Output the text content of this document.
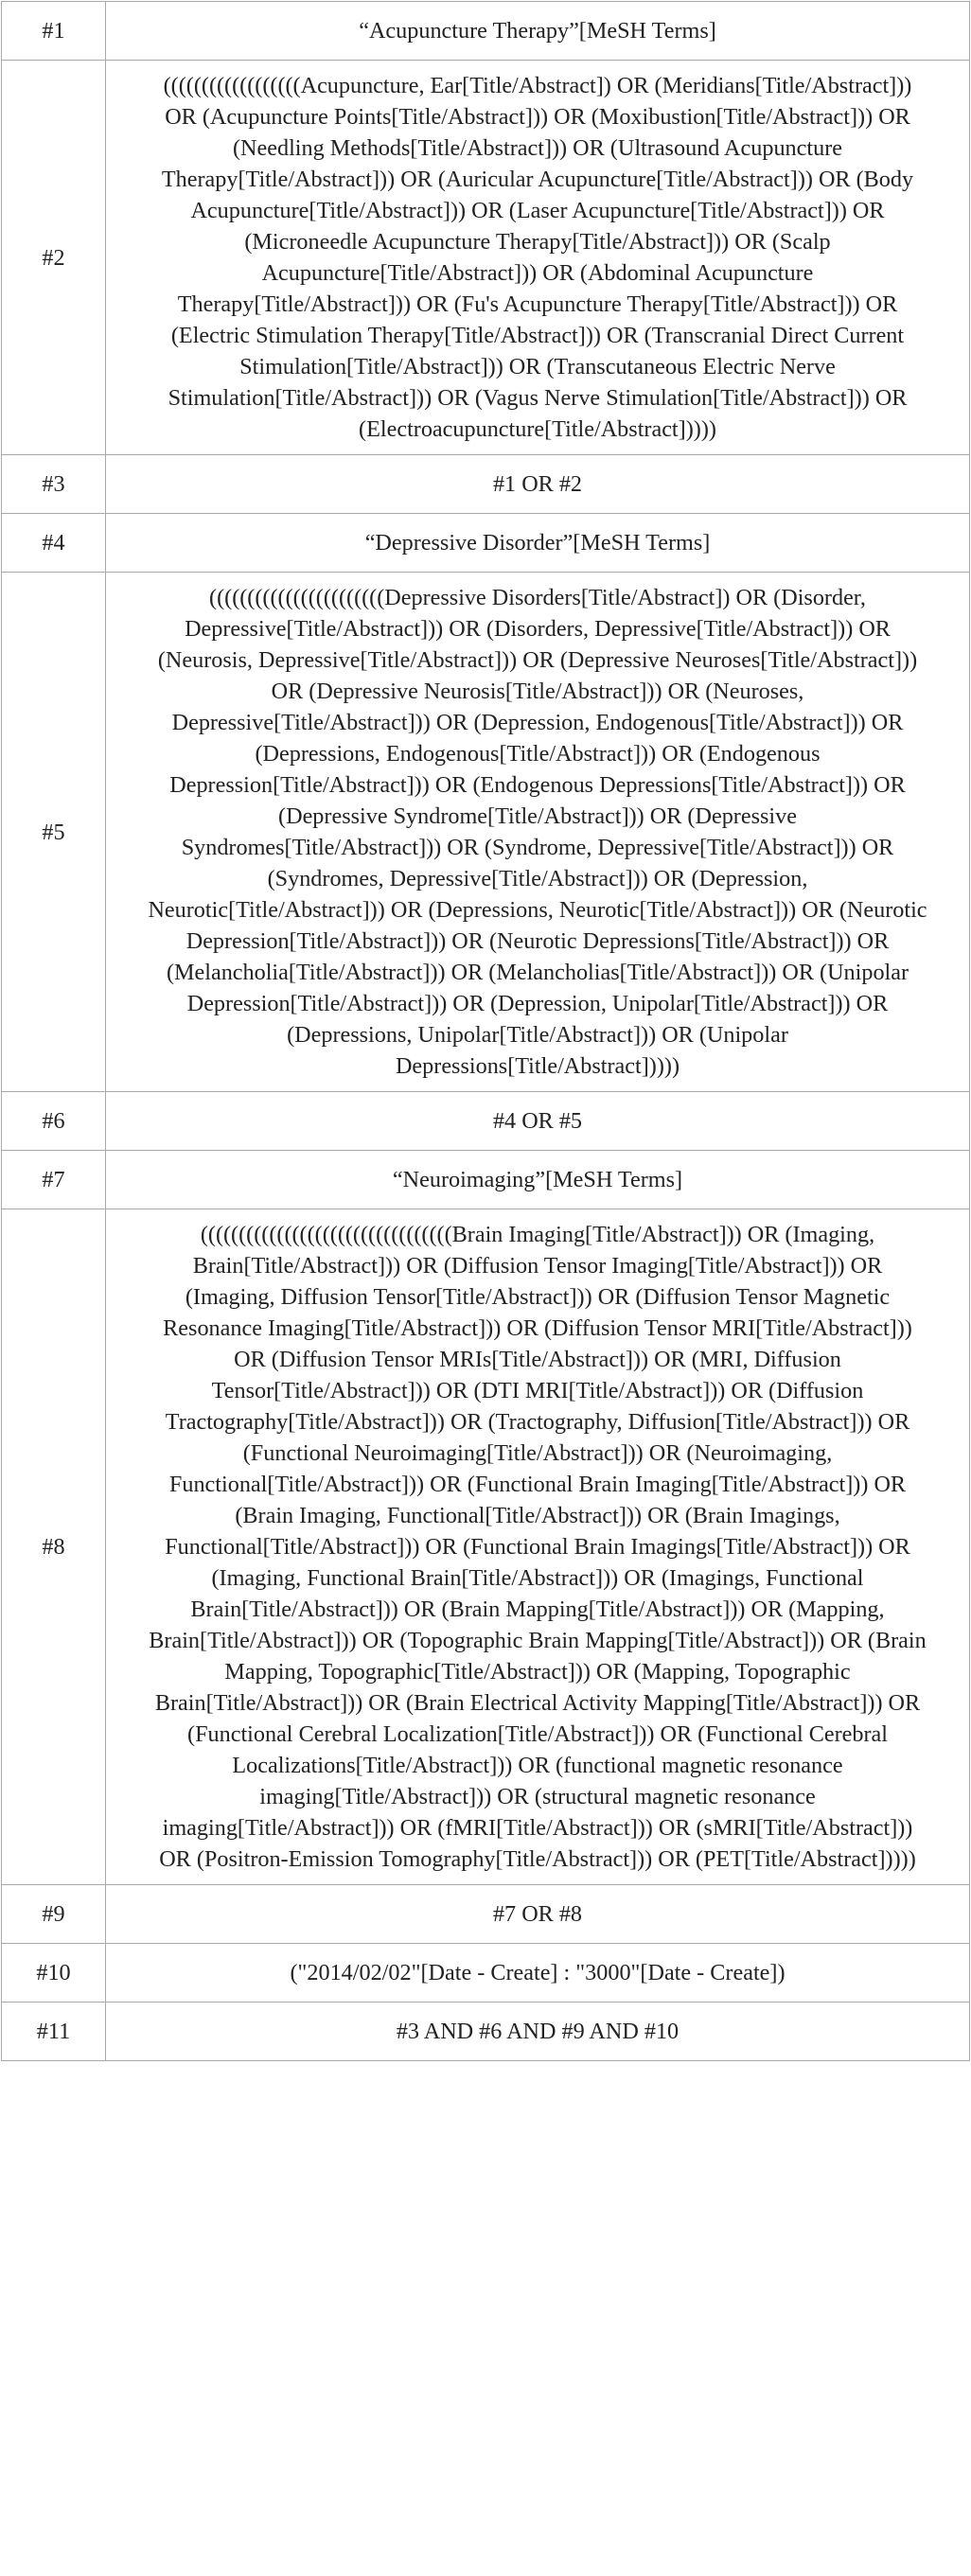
#1	“Acupuncture Therapy”[MeSH Terms]
#2	((((((((((((((((((Acupuncture, Ear[Title/Abstract]) OR (Meridians[Title/Abstract])) OR (Acupuncture Points[Title/Abstract])) OR (Moxibustion[Title/Abstract])) OR (Needling Methods[Title/Abstract])) OR (Ultrasound Acupuncture Therapy[Title/Abstract])) OR (Auricular Acupuncture[Title/Abstract])) OR (Body Acupuncture[Title/Abstract])) OR (Laser Acupuncture[Title/Abstract])) OR (Microneedle Acupuncture Therapy[Title/Abstract])) OR (Scalp Acupuncture[Title/Abstract])) OR (Abdominal Acupuncture Therapy[Title/Abstract])) OR (Fu's Acupuncture Therapy[Title/Abstract])) OR (Electric Stimulation Therapy[Title/Abstract])) OR (Transcranial Direct Current Stimulation[Title/Abstract])) OR (Transcutaneous Electric Nerve Stimulation[Title/Abstract])) OR (Vagus Nerve Stimulation[Title/Abstract])) OR (Electroacupuncture[Title/Abstract]))))
#3	#1 OR #2
#4	“Depressive Disorder”[MeSH Terms]
#5	(((((((((((((((((((((((Depressive Disorders[Title/Abstract]) OR (Disorder, Depressive[Title/Abstract])) OR (Disorders, Depressive[Title/Abstract])) OR (Neurosis, Depressive[Title/Abstract])) OR (Depressive Neuroses[Title/Abstract])) OR (Depressive Neurosis[Title/Abstract])) OR (Neuroses, Depressive[Title/Abstract])) OR (Depression, Endogenous[Title/Abstract])) OR (Depressions, Endogenous[Title/Abstract])) OR (Endogenous Depression[Title/Abstract])) OR (Endogenous Depressions[Title/Abstract])) OR (Depressive Syndrome[Title/Abstract])) OR (Depressive Syndromes[Title/Abstract])) OR (Syndrome, Depressive[Title/Abstract])) OR (Syndromes, Depressive[Title/Abstract])) OR (Depression, Neurotic[Title/Abstract])) OR (Depressions, Neurotic[Title/Abstract])) OR (Neurotic Depression[Title/Abstract])) OR (Neurotic Depressions[Title/Abstract])) OR (Melancholia[Title/Abstract])) OR (Melancholias[Title/Abstract])) OR (Unipolar Depression[Title/Abstract])) OR (Depression, Unipolar[Title/Abstract])) OR (Depressions, Unipolar[Title/Abstract])) OR (Unipolar Depressions[Title/Abstract]))))
#6	#4 OR #5
#7	“Neuroimaging”[MeSH Terms]
#8	(((((((((((((((((((((((((((((((((Brain Imaging[Title/Abstract])) OR (Imaging, Brain[Title/Abstract])) OR (Diffusion Tensor Imaging[Title/Abstract])) OR (Imaging, Diffusion Tensor[Title/Abstract])) OR (Diffusion Tensor Magnetic Resonance Imaging[Title/Abstract])) OR (Diffusion Tensor MRI[Title/Abstract])) OR (Diffusion Tensor MRIs[Title/Abstract])) OR (MRI, Diffusion Tensor[Title/Abstract])) OR (DTI MRI[Title/Abstract])) OR (Diffusion Tractography[Title/Abstract])) OR (Tractography, Diffusion[Title/Abstract])) OR (Functional Neuroimaging[Title/Abstract])) OR (Neuroimaging, Functional[Title/Abstract])) OR (Functional Brain Imaging[Title/Abstract])) OR (Brain Imaging, Functional[Title/Abstract])) OR (Brain Imagings, Functional[Title/Abstract])) OR (Functional Brain Imagings[Title/Abstract])) OR (Imaging, Functional Brain[Title/Abstract])) OR (Imagings, Functional Brain[Title/Abstract])) OR (Brain Mapping[Title/Abstract])) OR (Mapping, Brain[Title/Abstract])) OR (Topographic Brain Mapping[Title/Abstract])) OR (Brain Mapping, Topographic[Title/Abstract])) OR (Mapping, Topographic Brain[Title/Abstract])) OR (Brain Electrical Activity Mapping[Title/Abstract])) OR (Functional Cerebral Localization[Title/Abstract])) OR (Functional Cerebral Localizations[Title/Abstract])) OR (functional magnetic resonance imaging[Title/Abstract])) OR (structural magnetic resonance imaging[Title/Abstract])) OR (fMRI[Title/Abstract])) OR (sMRI[Title/Abstract])) OR (Positron-Emission Tomography[Title/Abstract])) OR (PET[Title/Abstract]))))
#9	#7 OR #8
#10	("2014/02/02"[Date - Create] : "3000"[Date - Create])
#11	#3 AND #6 AND #9 AND #10
